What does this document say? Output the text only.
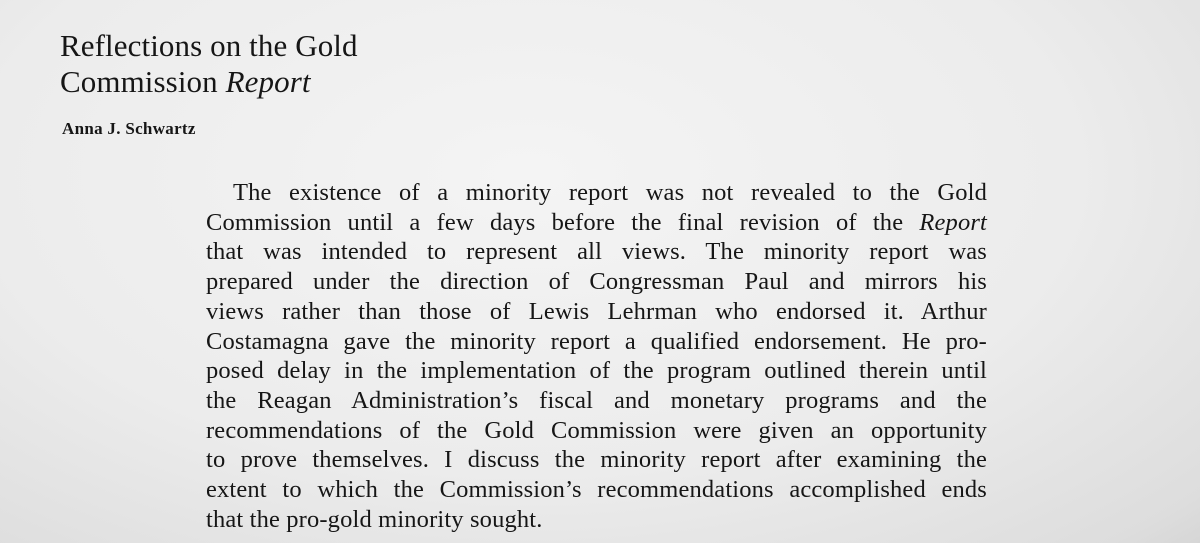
Reflections on the Gold
Commission Report

Anna J. Schwartz

The existence of a minority report was not revealed to the Gold
Commission until a few days before the final revision of the Report
that was intended to represent all views. The minority report was
prepared under the direction of Congressman Paul and mirrors his
views rather than those of Lewis Lehrman who endorsed it. Arthur
Costamagna gave the minority report a qualified endorsement. He pro-
posed delay in the implementation of the program outlined therein until
the Reagan Administration’s fiscal and monetary programs and the
recommendations of the Gold Commission were given an opportunity
to prove themselves. I discuss the minority report after examining the
extent to which the Commission’s recommendations accomplished ends
that the pro-gold minority sought.
